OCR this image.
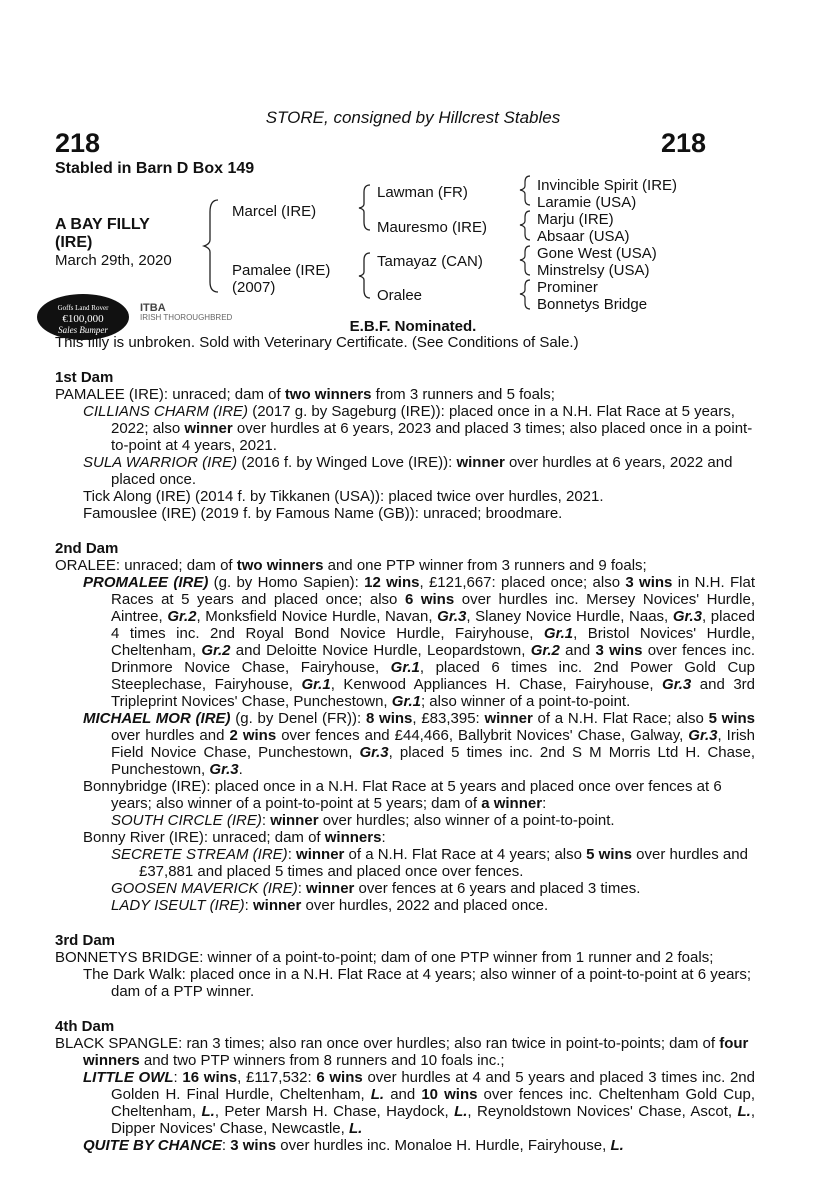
STORE, consigned by Hillcrest Stables
218	218
Stabled in Barn D Box 149
A BAY FILLY
(IRE)
March 29th, 2020
Marcel (IRE)
Pamalee (IRE)
(2007)
Lawman (FR)
Mauresmo (IRE)
Tamayaz (CAN)
Oralee
Invincible Spirit (IRE)
Laramie (USA)
Marju (IRE)
Absaar (USA)
Gone West (USA)
Minstrelsy (USA)
Prominer
Bonnetys Bridge
Goffs Land Rover
€100,000
Sales Bumper
ITBA
IRISH THOROUGHBRED
E.B.F. Nominated.

This filly is unbroken. Sold with Veterinary Certificate. (See Conditions of Sale.)

1st Dam

PAMALEE (IRE): unraced; dam of two winners from 3 runners and 5 foals;

CILLIANS CHARM (IRE) (2017 g. by Sageburg (IRE)): placed once in a N.H. Flat Race at 5 years, 2022; also winner over hurdles at 6 years, 2023 and placed 3 times; also placed once in a point-to-point at 4 years, 2021.

SULA WARRIOR (IRE) (2016 f. by Winged Love (IRE)): winner over hurdles at 6 years, 2022 and placed once.

Tick Along (IRE) (2014 f. by Tikkanen (USA)): placed twice over hurdles, 2021.

Famouslee (IRE) (2019 f. by Famous Name (GB)): unraced; broodmare.

2nd Dam

ORALEE: unraced; dam of two winners and one PTP winner from 3 runners and 9 foals;

PROMALEE (IRE) (g. by Homo Sapien): 12 wins, £121,667: placed once; also 3 wins in N.H. Flat Races at 5 years and placed once; also 6 wins over hurdles inc. Mersey Novices' Hurdle, Aintree, Gr.2, Monksfield Novice Hurdle, Navan, Gr.3, Slaney Novice Hurdle, Naas, Gr.3, placed 4 times inc. 2nd Royal Bond Novice Hurdle, Fairyhouse, Gr.1, Bristol Novices' Hurdle, Cheltenham, Gr.2 and Deloitte Novice Hurdle, Leopardstown, Gr.2 and 3 wins over fences inc. Drinmore Novice Chase, Fairyhouse, Gr.1, placed 6 times inc. 2nd Power Gold Cup Steeplechase, Fairyhouse, Gr.1, Kenwood Appliances H. Chase, Fairyhouse, Gr.3 and 3rd Tripleprint Novices' Chase, Punchestown, Gr.1; also winner of a point-to-point.

MICHAEL MOR (IRE) (g. by Denel (FR)): 8 wins, £83,395: winner of a N.H. Flat Race; also 5 wins over hurdles and 2 wins over fences and £44,466, Ballybrit Novices' Chase, Galway, Gr.3, Irish Field Novice Chase, Punchestown, Gr.3, placed 5 times inc. 2nd S M Morris Ltd H. Chase, Punchestown, Gr.3.

Bonnybridge (IRE): placed once in a N.H. Flat Race at 5 years and placed once over fences at 6 years; also winner of a point-to-point at 5 years; dam of a winner:

SOUTH CIRCLE (IRE): winner over hurdles; also winner of a point-to-point.

Bonny River (IRE): unraced; dam of winners:

SECRETE STREAM (IRE): winner of a N.H. Flat Race at 4 years; also 5 wins over hurdles and £37,881 and placed 5 times and placed once over fences.

GOOSEN MAVERICK (IRE): winner over fences at 6 years and placed 3 times.

LADY ISEULT (IRE): winner over hurdles, 2022 and placed once.

3rd Dam

BONNETYS BRIDGE: winner of a point-to-point; dam of one PTP winner from 1 runner and 2 foals;

The Dark Walk: placed once in a N.H. Flat Race at 4 years; also winner of a point-to-point at 6 years; dam of a PTP winner.

4th Dam

BLACK SPANGLE: ran 3 times; also ran once over hurdles; also ran twice in point-to-points; dam of four winners and two PTP winners from 8 runners and 10 foals inc.;

LITTLE OWL: 16 wins, £117,532: 6 wins over hurdles at 4 and 5 years and placed 3 times inc. 2nd Golden H. Final Hurdle, Cheltenham, L. and 10 wins over fences inc. Cheltenham Gold Cup, Cheltenham, L., Peter Marsh H. Chase, Haydock, L., Reynoldstown Novices' Chase, Ascot, L., Dipper Novices' Chase, Newcastle, L.

QUITE BY CHANCE: 3 wins over hurdles inc. Monaloe H. Hurdle, Fairyhouse, L.
